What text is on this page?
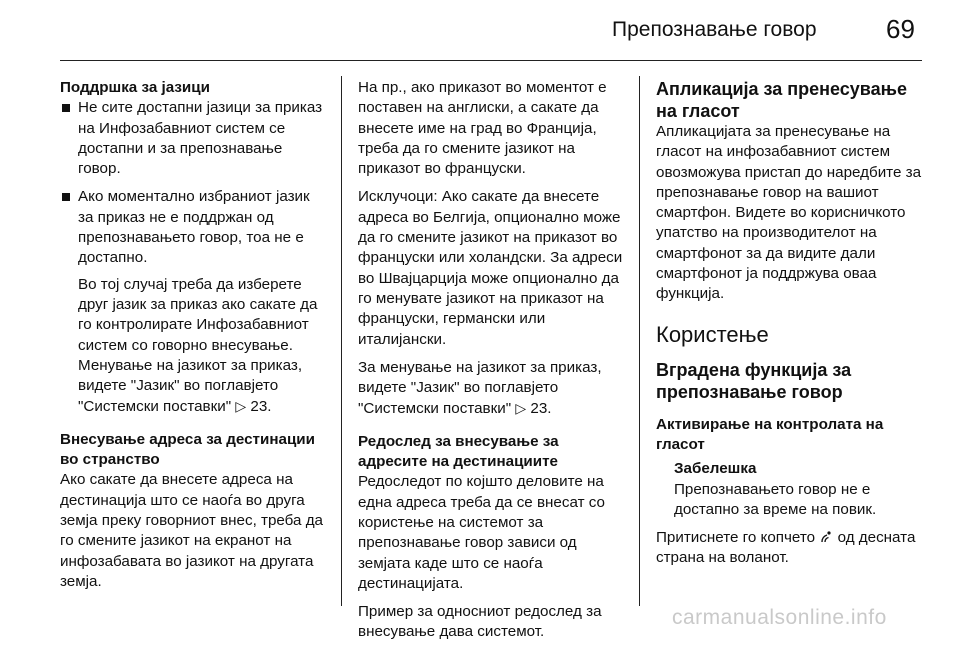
Препознавање говор	69

Поддршка за јазици

Не сите достапни јазици за приказ на Инфозабавниот систем се достапни и за препознавање говор.
Ако моментално избраниот јазик за приказ не е поддржан од препознавањето говор, тоа не е достапно.

Во тој случај треба да изберете друг јазик за приказ ако сакате да го контролирате Инфозабавниот систем со говорно внесување. Менување на јазикот за приказ, видете "Јазик" во поглавјето "Системски поставки" ▷ 23.

Внесување адреса за дестинации во странство

Ако сакате да внесете адреса на дестинација што се наоѓа во друга земја преку говорниот внес, треба да го смените јазикот на екранот на инфозабавата во јазикот на другата земја.

На пр., ако приказот во моментот е поставен на англиски, а сакате да внесете име на град во Франција, треба да го смените јазикот на приказот во француски.

Исклучоци: Ако сакате да внесете адреса во Белгија, опционално може да го смените јазикот на приказот во француски или холандски. За адреси во Швајцарција може опционално да го менувате јазикот на приказот на француски, германски или италијански.

За менување на јазикот за приказ, видете "Јазик" во поглавјето "Системски поставки" ▷ 23.

Редослед за внесување за адресите на дестинациите

Редоследот по којшто деловите на една адреса треба да се внесат со користење на системот за препознавање говор зависи од земјата каде што се наоѓа дестинацијата.

Пример за односниот редослед за внесување дава системот.

Апликација за пренесување на гласот

Апликацијата за пренесување на гласот на инфозабавниот систем овозможува пристап до наредбите за препознавање говор на вашиот смартфон. Видете во корисничкото упатство на производителот на смартфонот за да видите дали смартфонот ја поддржува оваа функција.

Користење

Вградена функција за препознавање говор

Активирање на контролата на гласот

Забелешка

Препознавањето говор не е достапно за време на повик.

Притиснете го копчето од десната страна на воланот.

carmanualsonline.info
